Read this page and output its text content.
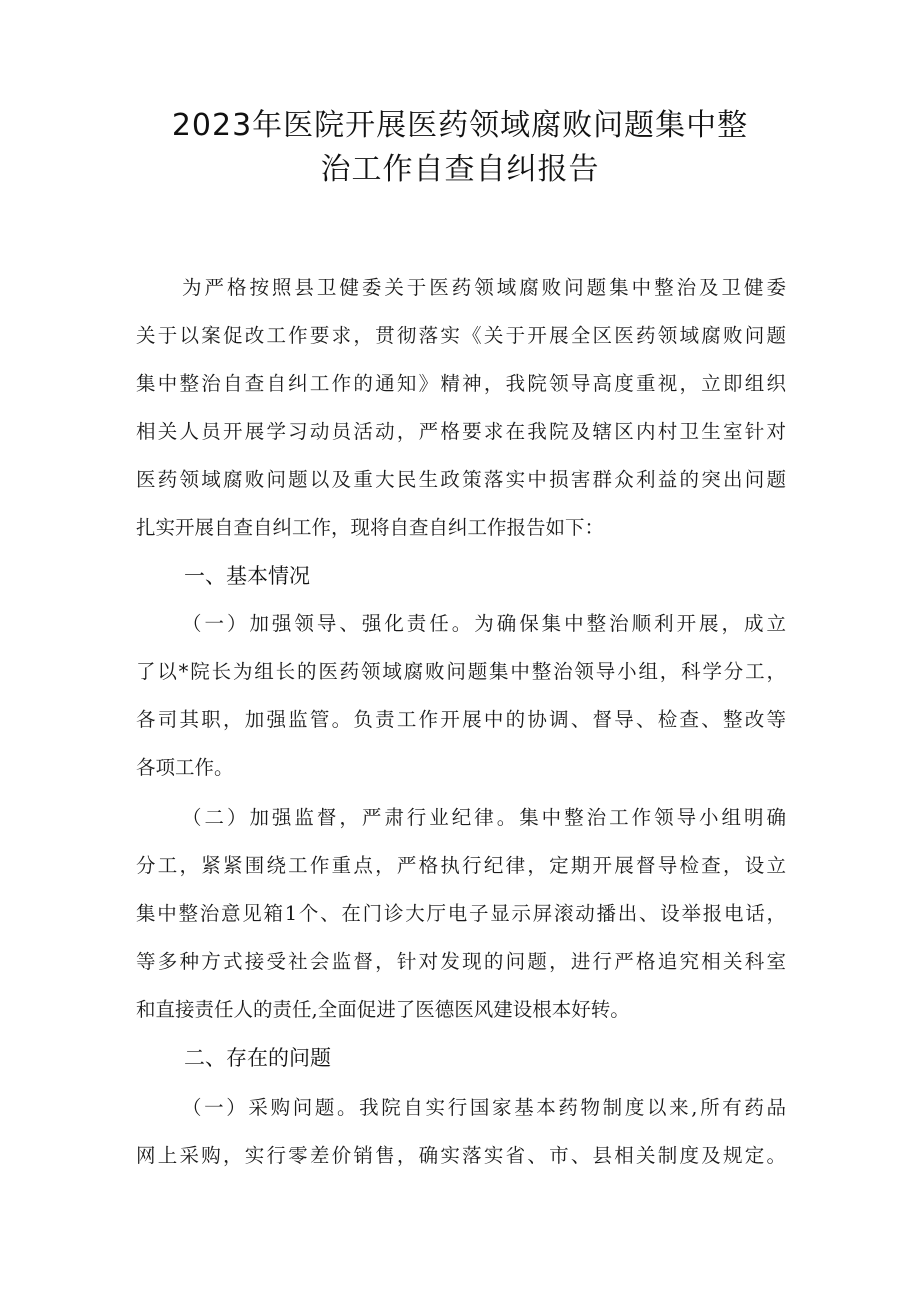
2023年医院开展医药领域腐败问题集中整
治工作自查自纠报告
为严格按照县卫健委关于医药领域腐败问题集中整治及卫健委
关于以案促改工作要求，贯彻落实《关于开展全区医药领域腐败问题
集中整治自查自纠工作的通知》精神，我院领导高度重视，立即组织
相关人员开展学习动员活动，严格要求在我院及辖区内村卫生室针对
医药领域腐败问题以及重大民生政策落实中损害群众利益的突出问题
扎实开展自查自纠工作，现将自查自纠工作报告如下：
一、基本情况
（一）加强领导、强化责任。为确保集中整治顺利开展，成立
了以*院长为组长的医药领域腐败问题集中整治领导小组，科学分工，
各司其职，加强监管。负责工作开展中的协调、督导、检查、整改等
各项工作。
（二）加强监督，严肃行业纪律。集中整治工作领导小组明确
分工，紧紧围绕工作重点，严格执行纪律，定期开展督导检查，设立
集中整治意见箱1个、在门诊大厅电子显示屏滚动播出、设举报电话，
等多种方式接受社会监督，针对发现的问题，进行严格追究相关科室
和直接责任人的责任,全面促进了医德医风建设根本好转。
二、存在的问题
（一）采购问题。我院自实行国家基本药物制度以来,所有药品
网上采购，实行零差价销售，确实落实省、市、县相关制度及规定。
